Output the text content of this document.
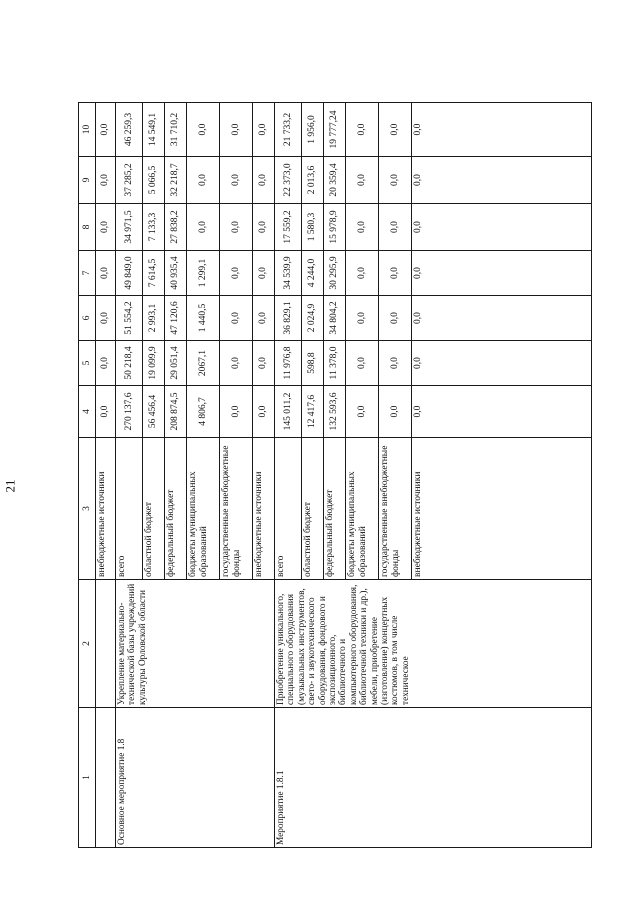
21
1	2	3	4	5	6	7	8	9	10
		внебюджетные источники	0,0	0,0	0,0	0,0	0,0	0,0	0,0
Основное мероприятие 1.8	Укрепление материально-технической базы учреждений культуры Орловской области	всего	270 137,6	50 218,4	51 554,2	49 849,0	34 971,5	37 285,2	46 259,3
		областной бюджет	56 456,4	19 099,9	2 993,1	7 614,5	7 133,3	5 066,5	14 549,1
		федеральный бюджет	208 874,5	29 051,4	47 120,6	40 935,4	27 838,2	32 218,7	31 710,2
		бюджеты муниципальных образований	4 806,7	2067,1	1 440,5	1 299,1	0,0	0,0	0,0
		государственные внебюджетные фонды	0,0	0,0	0,0	0,0	0,0	0,0	0,0
		внебюджетные источники	0,0	0,0	0,0	0,0	0,0	0,0	0,0
Мероприятие 1.8.1	Приобретение уникального, специального оборудования (музыкальных инструментов, свето- и звукотехнического оборудования, фондового и экспозиционного, библиотечного и компьютерного оборудования, библиотечной техники и др.), мебели, приобретение (изготовление) концертных костюмов, в том числе техническое	всего	145 011,2	11 976,8	36 829,1	34 539,9	17 559,2	22 373,0	21 733,2
		областной бюджет	12 417,6	598,8	2 024,9	4 244,0	1 580,3	2 013,6	1 956,0
		федеральный бюджет	132 593,6	11 378,0	34 804,2	30 295,9	15 978,9	20 359,4	19 777,24
		бюджеты муниципальных образований	0,0	0,0	0,0	0,0	0,0	0,0	0,0
		государственные внебюджетные фонды	0,0	0,0	0,0	0,0	0,0	0,0	0,0
		внебюджетные источники	0,0	0,0	0,0	0,0	0,0	0,0	0,0
